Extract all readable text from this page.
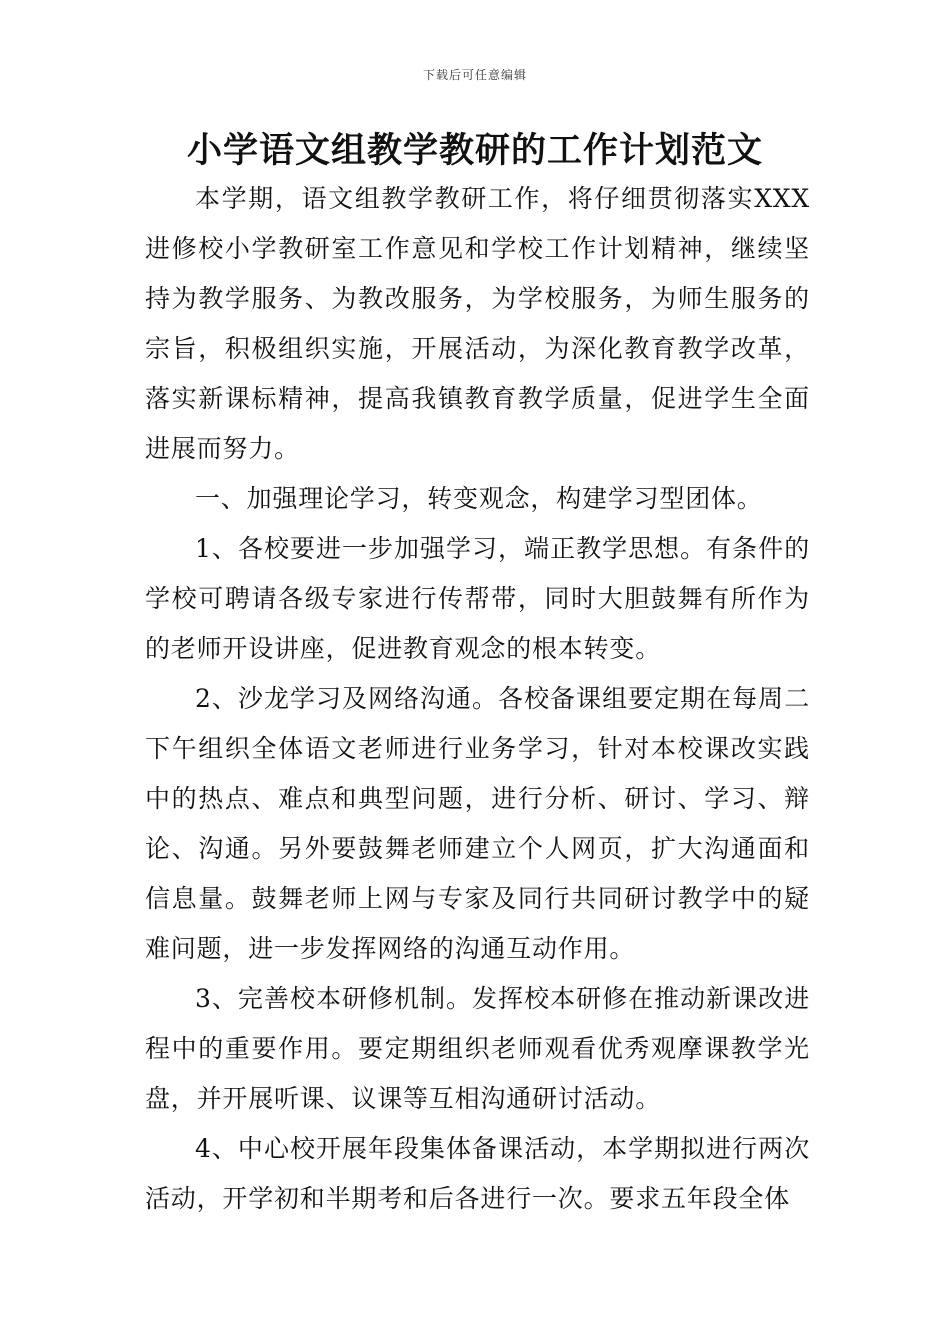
下载后可任意编辑
小学语文组教学教研的工作计划范文

本学期，语文组教学教研工作，将仔细贯彻落实XXX进修校小学教研室工作意见和学校工作计划精神，继续坚持为教学服务、为教改服务，为学校服务，为师生服务的宗旨，积极组织实施，开展活动，为深化教育教学改革，落实新课标精神，提高我镇教育教学质量，促进学生全面进展而努力。

一、加强理论学习，转变观念，构建学习型团体。

1、各校要进一步加强学习，端正教学思想。有条件的学校可聘请各级专家进行传帮带，同时大胆鼓舞有所作为的老师开设讲座，促进教育观念的根本转变。

2、沙龙学习及网络沟通。各校备课组要定期在每周二下午组织全体语文老师进行业务学习，针对本校课改实践中的热点、难点和典型问题，进行分析、研讨、学习、辩论、沟通。另外要鼓舞老师建立个人网页，扩大沟通面和信息量。鼓舞老师上网与专家及同行共同研讨教学中的疑难问题，进一步发挥网络的沟通互动作用。

3、完善校本研修机制。发挥校本研修在推动新课改进程中的重要作用。要定期组织老师观看优秀观摩课教学光盘，并开展听课、议课等互相沟通研讨活动。

4、中心校开展年段集体备课活动，本学期拟进行两次活动，开学初和半期考和后各进行一次。要求五年段全体
